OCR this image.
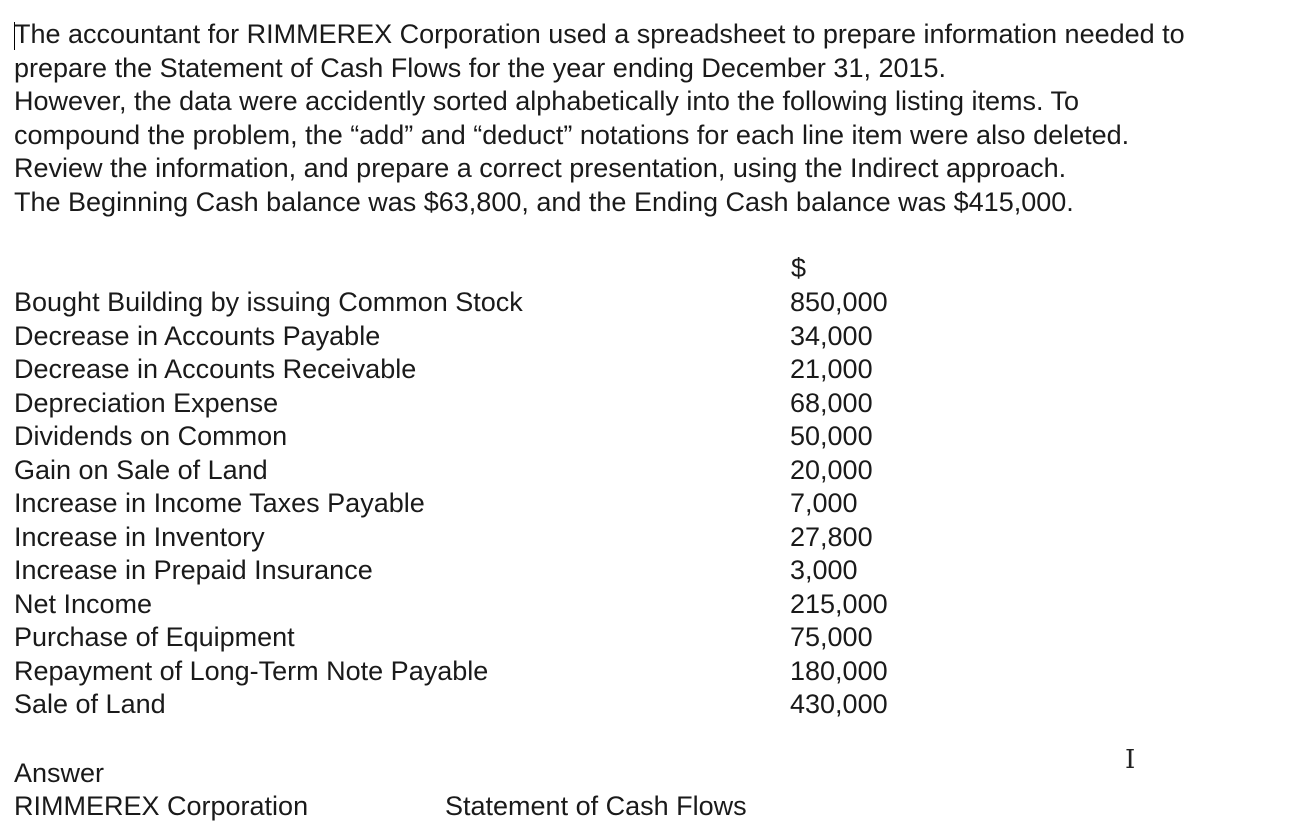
The accountant for RIMMEREX Corporation used a spreadsheet to prepare information needed to
prepare the Statement of Cash Flows for the year ending December 31, 2015.
However, the data were accidently sorted alphabetically into the following listing items. To
compound the problem, the “add” and “deduct” notations for each line item were also deleted.
Review the information, and prepare a correct presentation, using the Indirect approach.
The Beginning Cash balance was $63,800, and the Ending Cash balance was $415,000.
$
Bought Building by issuing Common Stock	850,000
Decrease in Accounts Payable	34,000
Decrease in Accounts Receivable	21,000
Depreciation Expense	68,000
Dividends on Common	50,000
Gain on Sale of Land	20,000
Increase in Income Taxes Payable	7,000
Increase in Inventory	27,800
Increase in Prepaid Insurance	3,000
Net Income	215,000
Purchase of Equipment	75,000
Repayment of Long-Term Note Payable	180,000
Sale of Land	430,000
Answer
RIMMEREX Corporation	Statement of Cash Flows
I
